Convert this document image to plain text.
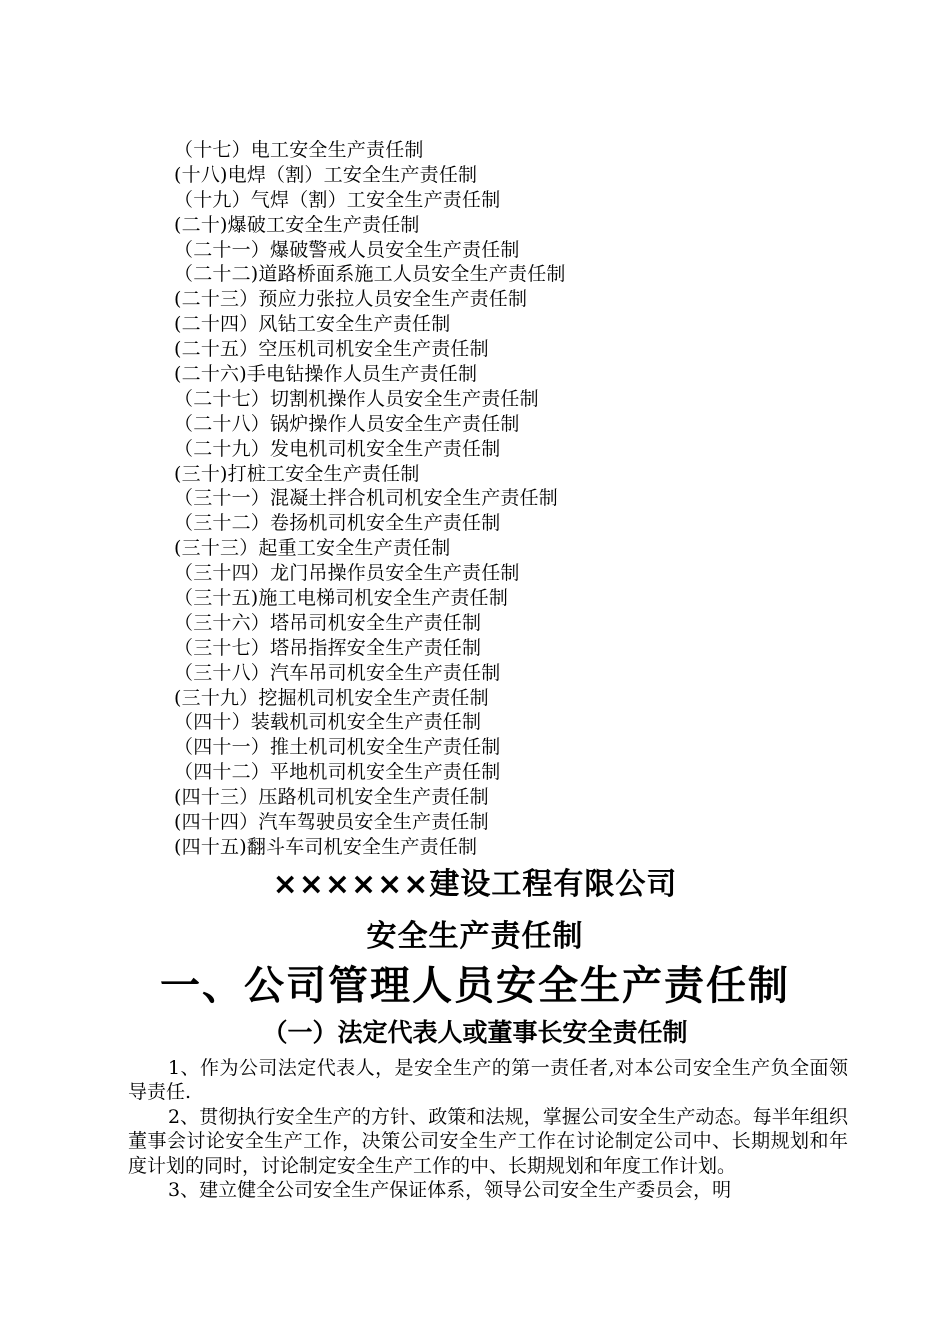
（十七）电工安全生产责任制
(十八)电焊（割）工安全生产责任制
（十九）气焊（割）工安全生产责任制
(二十)爆破工安全生产责任制
（二十一）爆破警戒人员安全生产责任制
（二十二)道路桥面系施工人员安全生产责任制
(二十三）预应力张拉人员安全生产责任制
(二十四）风钻工安全生产责任制
(二十五）空压机司机安全生产责任制
(二十六)手电钻操作人员生产责任制
（二十七）切割机操作人员安全生产责任制
（二十八）锅炉操作人员安全生产责任制
（二十九）发电机司机安全生产责任制
(三十)打桩工安全生产责任制
（三十一）混凝土拌合机司机安全生产责任制
（三十二）卷扬机司机安全生产责任制
(三十三）起重工安全生产责任制
（三十四）龙门吊操作员安全生产责任制
（三十五)施工电梯司机安全生产责任制
（三十六）塔吊司机安全生产责任制
（三十七）塔吊指挥安全生产责任制
（三十八）汽车吊司机安全生产责任制
(三十九）挖掘机司机安全生产责任制
（四十）装载机司机安全生产责任制
（四十一）推土机司机安全生产责任制
（四十二）平地机司机安全生产责任制
(四十三）压路机司机安全生产责任制
(四十四）汽车驾驶员安全生产责任制
(四十五)翻斗车司机安全生产责任制
××××××建设工程有限公司
安全生产责任制
一、公司管理人员安全生产责任制
（一）法定代表人或董事长安全责任制

1、作为公司法定代表人，是安全生产的第一责任者,对本公司安全生产负全面领导责任.

2、贯彻执行安全生产的方针、政策和法规，掌握公司安全生产动态。每半年组织董事会讨论安全生产工作，决策公司安全生产工作在讨论制定公司中、长期规划和年度计划的同时，讨论制定安全生产工作的中、长期规划和年度工作计划。

3、建立健全公司安全生产保证体系，领导公司安全生产委员会，明
